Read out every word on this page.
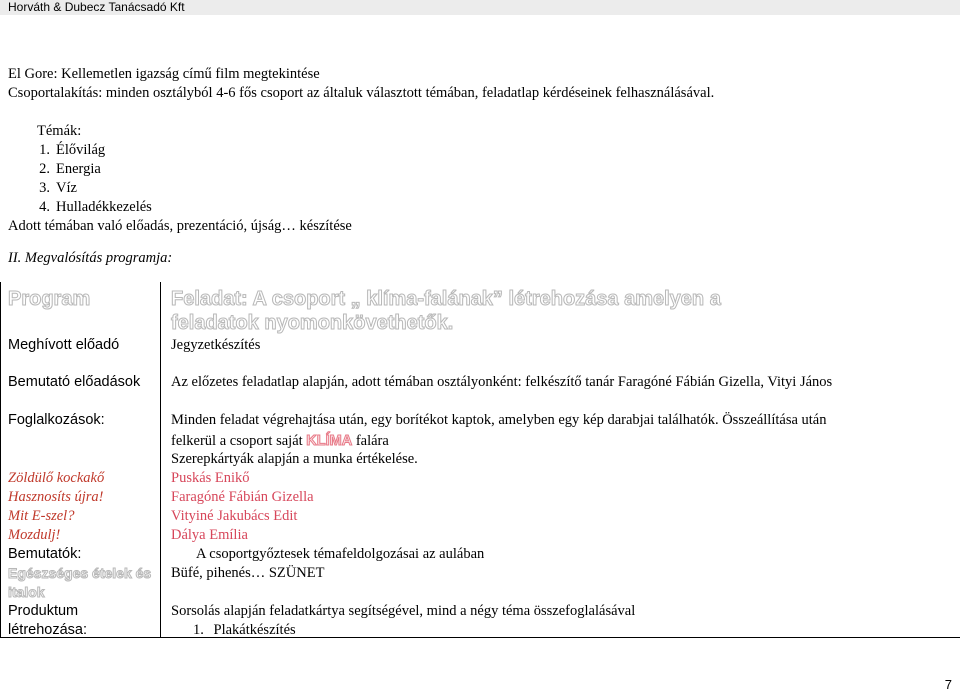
Horváth & Dubecz Tanácsadó Kft
El Gore: Kellemetlen igazság című film megtekintése
Csoportalakítás: minden osztályból 4-6 fős csoport az általuk választott témában, feladatlap kérdéseinek felhasználásával.
Témák:
1. Élővilág
2. Energia
3. Víz
4. Hulladékkezelés
Adott témában való előadás, prezentáció, újság… készítése
II. Megvalósítás programja:
Program
Meghívott előadó
Bemutató előadások
Foglalkozások:
Zöldülő kockakő
Hasznosíts újra!
Mit E-szel?
Mozdulj!
Bemutatók:
Egészséges ételek és
italok
Produktum
létrehozása:
Feladat: A csoport „ klíma-falának” létrehozása amelyen a
feladatok nyomonkövethetők.
Jegyzetkészítés
Az előzetes feladatlap alapján, adott témában osztályonként: felkészítő tanár Faragóné Fábián Gizella, Vityi János
Minden feladat végrehajtása után, egy borítékot kaptok, amelyben egy kép darabjai találhatók. Összeállítása után
felkerül a csoport saját KLÍMA falára
Szerepkártyák alapján a munka értékelése.
Puskás Enikő
Faragóné Fábián Gizella
Vityiné Jakubács Edit
Dálya Emília
A csoportgyőztesek témafeldolgozásai az aulában
Büfé, pihenés… SZÜNET
Sorsolás alapján feladatkártya segítségével, mind a négy téma összefoglalásával
1. Plakátkészítés
7
